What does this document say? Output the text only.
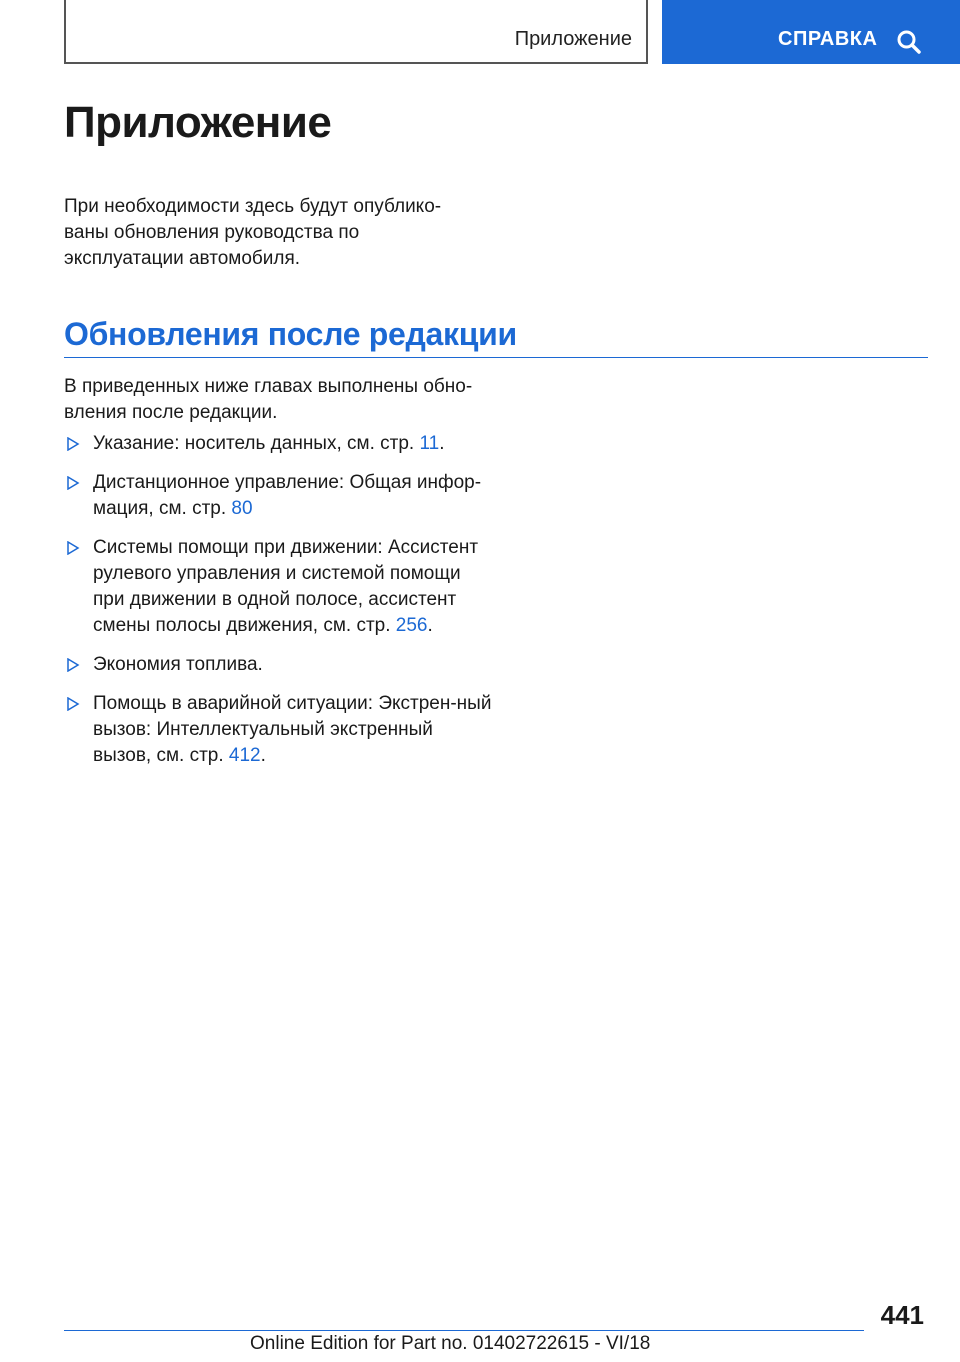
Приложение	СПРАВКА
Приложение

При необходимости здесь будут опублико-ваны обновления руководства по эксплуатации автомобиля.

Обновления после редакции

В приведенных ниже главах выполнены обно-вления после редакции.

Указание: носитель данных, см. стр. 11.
Дистанционное управление: Общая инфор-мация, см. стр. 80
Системы помощи при движении: Ассистент рулевого управления и системой помощи при движении в одной полосе, ассистент смены полосы движения, см. стр. 256.
Экономия топлива.
Помощь в аварийной ситуации: Экстрен-ный вызов: Интеллектуальный экстренный вызов, см. стр. 412.
441
Online Edition for Part no. 01402722615 - VI/18
